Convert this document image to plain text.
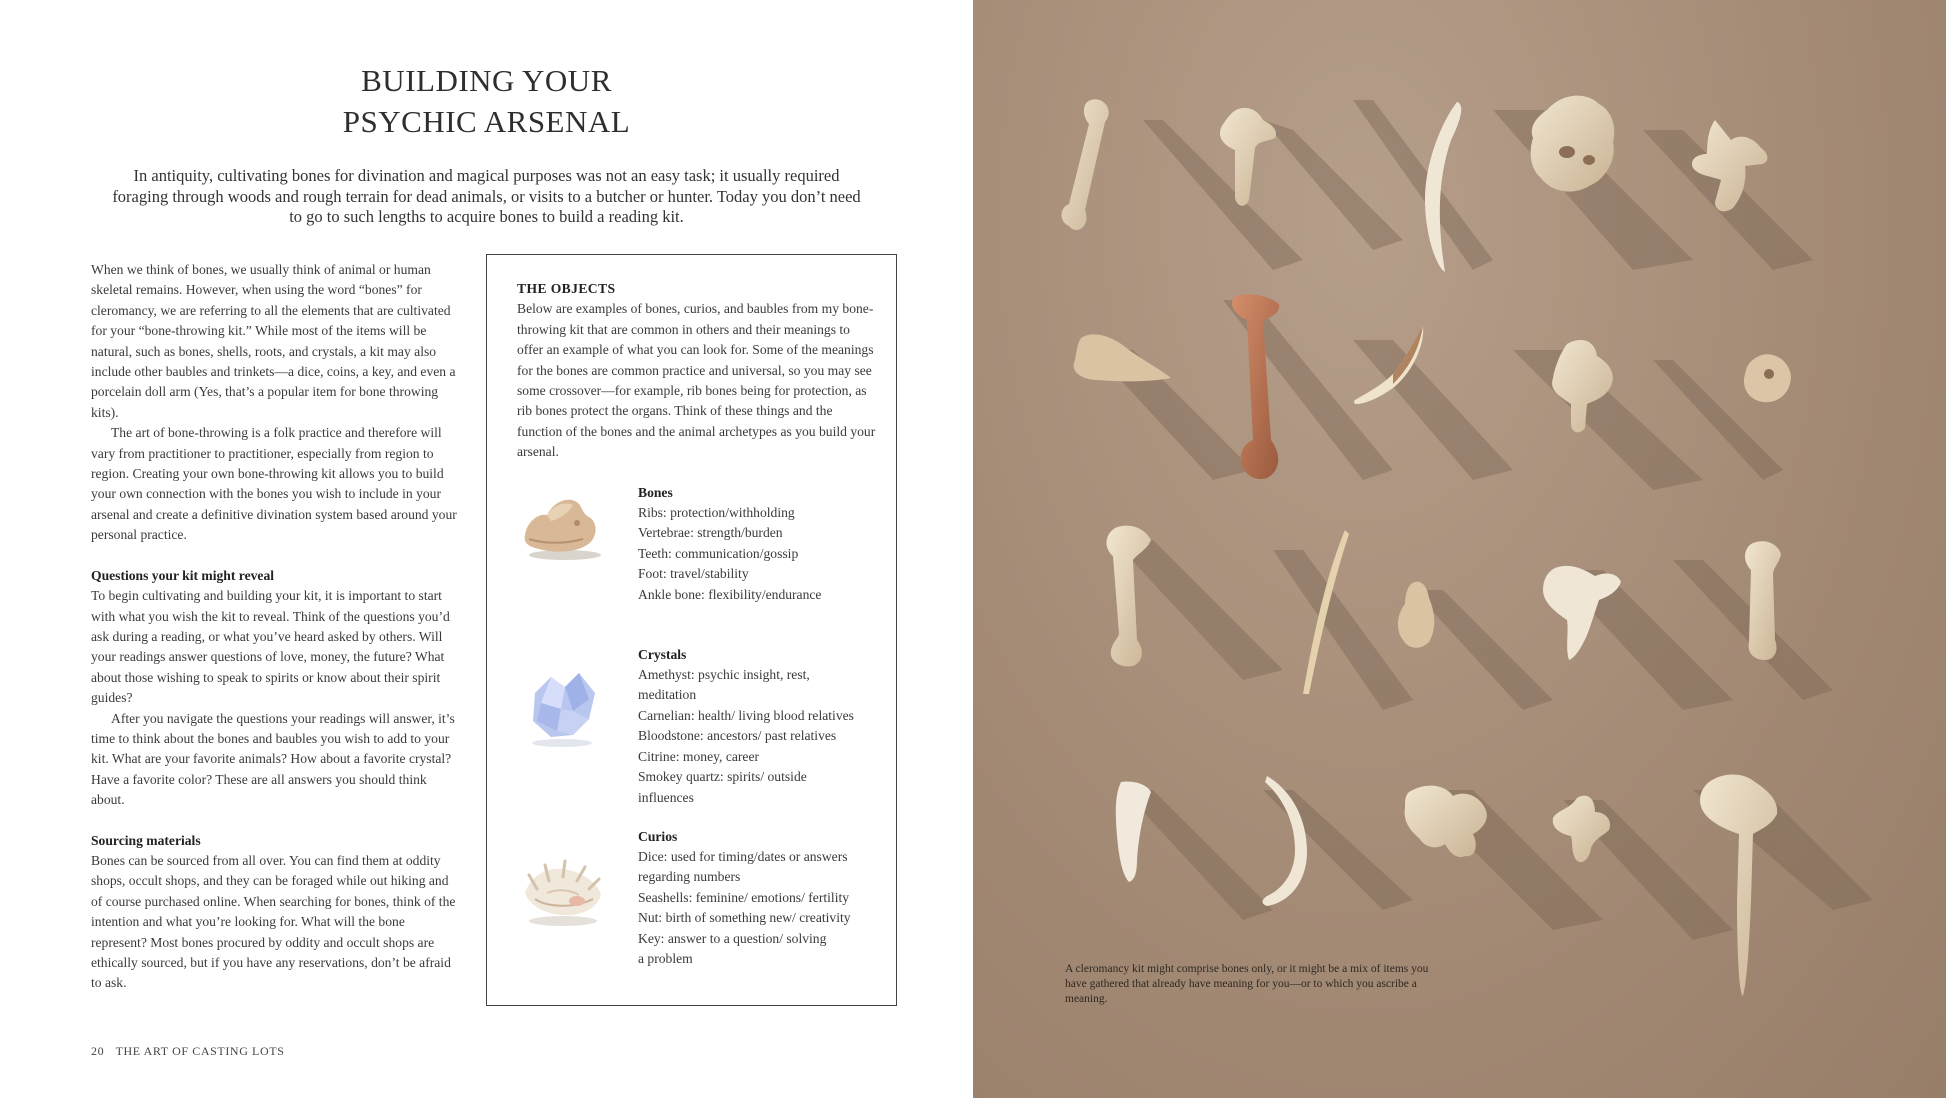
BUILDING YOUR
PSYCHIC ARSENAL
In antiquity, cultivating bones for divination and magical purposes was not an easy task; it usually required foraging through woods and rough terrain for dead animals, or visits to a butcher or hunter. Today you don’t need to go to such lengths to acquire bones to build a reading kit.

When we think of bones, we usually think of animal or human skeletal remains. However, when using the word “bones” for cleromancy, we are referring to all the elements that are cultivated for your “bone-throwing kit.” While most of the items will be natural, such as bones, shells, roots, and crystals, a kit may also include other baubles and trinkets—a dice, coins, a key, and even a porcelain doll arm (Yes, that’s a popular item for bone throwing kits).

The art of bone-throwing is a folk practice and therefore will vary from practitioner to practitioner, especially from region to region. Creating your own bone-throwing kit allows you to build your own connection with the bones you wish to include in your arsenal and create a definitive divination system based around your personal practice.

Questions your kit might reveal

To begin cultivating and building your kit, it is important to start with what you wish the kit to reveal. Think of the questions you’d ask during a reading, or what you’ve heard asked by others. Will your readings answer questions of love, money, the future? What about those wishing to speak to spirits or know about their spirit guides?

After you navigate the questions your readings will answer, it’s time to think about the bones and baubles you wish to add to your kit. What are your favorite animals? How about a favorite crystal? Have a favorite color? These are all answers you should think about.

Sourcing materials

Bones can be sourced from all over. You can find them at oddity shops, occult shops, and they can be foraged while out hiking and of course purchased online. When searching for bones, think of the intention and what you’re looking for. What will the bone represent? Most bones procured by oddity and occult shops are ethically sourced, but if you have any reservations, don’t be afraid to ask.

THE OBJECTS

Below are examples of bones, curios, and baubles from my bone-throwing kit that are common in others and their meanings to offer an example of what you can look for. Some of the meanings for the bones are common practice and universal, so you may see some crossover—for example, rib bones being for protection, as rib bones protect the organs. Think of these things and the function of the bones and the animal archetypes as you build your arsenal.

Bones
Ribs: protection/withholding
Vertebrae: strength/burden
Teeth: communication/gossip
Foot: travel/stability
Ankle bone: flexibility/endurance
Crystals
Amethyst: psychic insight, rest,
meditation
Carnelian: health/ living blood relatives
Bloodstone: ancestors/ past relatives
Citrine: money, career
Smokey quartz: spirits/ outside
influences
Curios
Dice: used for timing/dates or answers
regarding numbers
Seashells: feminine/ emotions/ fertility
Nut: birth of something new/ creativity
Key: answer to a question/ solving
a problem
20 THE ART OF CASTING LOTS
A cleromancy kit might comprise bones only, or it might be a mix of items you have gathered that already have meaning for you—or to which you ascribe a meaning.
